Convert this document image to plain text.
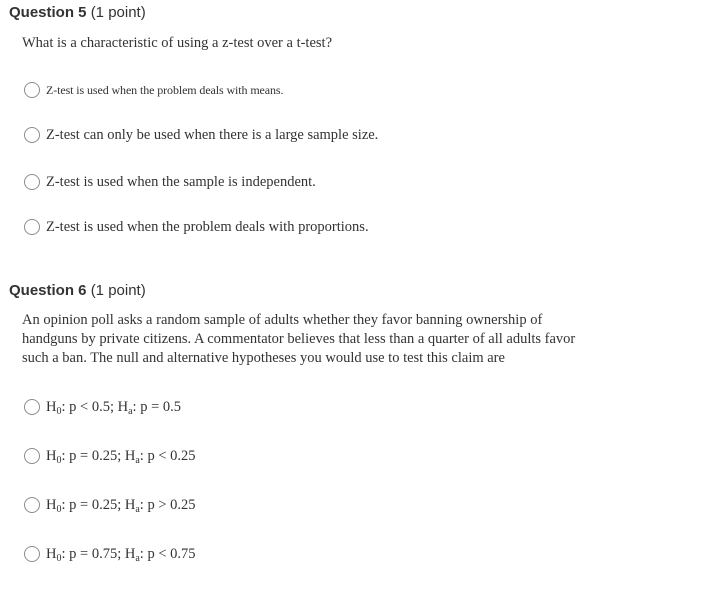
Question 5 (1 point)
What is a characteristic of using a z-test over a t-test?
Z-test is used when the problem deals with means.
Z-test can only be used when there is a large sample size.
Z-test is used when the sample is independent.
Z-test is used when the problem deals with proportions.
Question 6 (1 point)
An opinion poll asks a random sample of adults whether they favor banning ownership of handguns by private citizens. A commentator believes that less than a quarter of all adults favor such a ban. The null and alternative hypotheses you would use to test this claim are
$H_0$: p < 0.5; $H_a$: p = 0.5
$H_0$: p = 0.25; $H_a$: p < 0.25
$H_0$: p = 0.25; $H_a$: p > 0.25
$H_0$: p = 0.75; $H_a$: p < 0.75
